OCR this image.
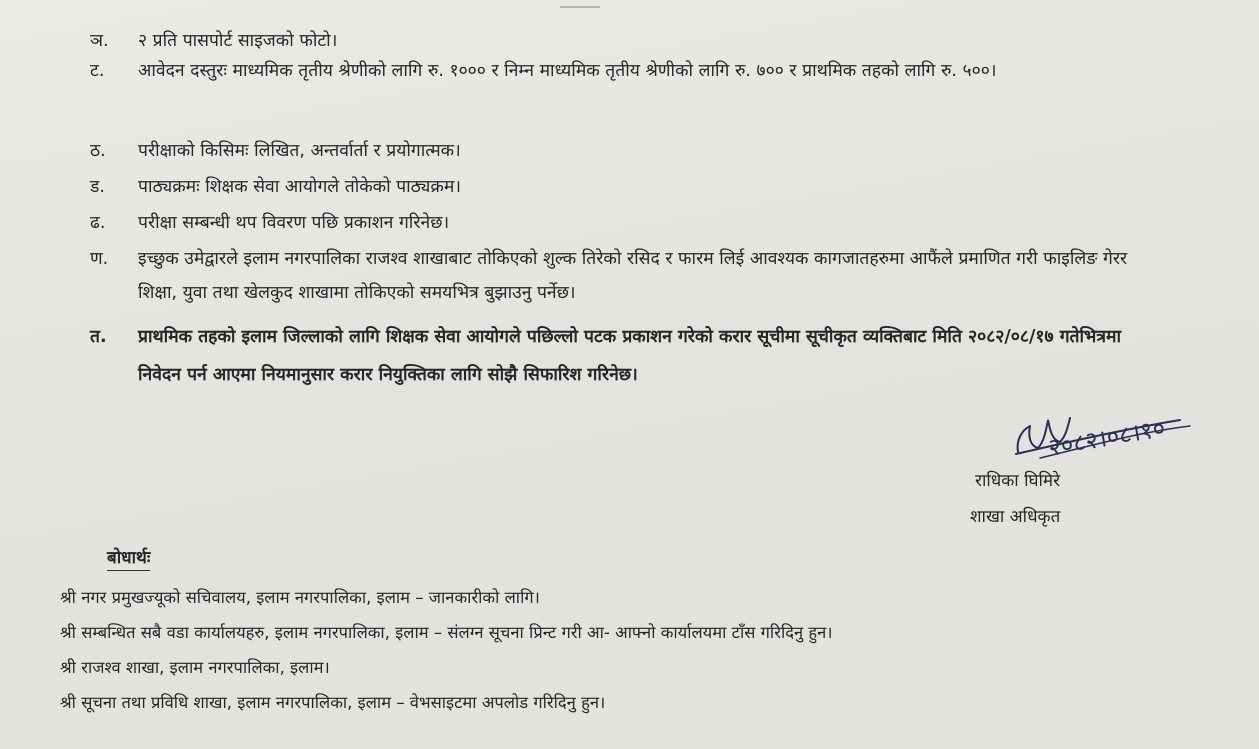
ञ.	२ प्रति पासपोर्ट साइजको फोटो।
ट.	आवेदन दस्तुरः माध्यमिक तृतीय श्रेणीको लागि रु. १००० र निम्न माध्यमिक तृतीय श्रेणीको लागि रु. ७०० र प्राथमिक तहको लागि रु. ५००।
ठ.	परीक्षाको किसिमः लिखित, अन्तर्वार्ता र प्रयोगात्मक।
ड.	पाठ्यक्रमः शिक्षक सेवा आयोगले तोकेको पाठ्यक्रम।
ढ.	परीक्षा सम्बन्धी थप विवरण पछि प्रकाशन गरिनेछ।
ण.	इच्छुक उमेद्वारले इलाम नगरपालिका राजश्व शाखाबाट तोकिएको शुल्क तिरेको रसिद र फारम लिई आवश्यक कागजातहरुमा आफैंले प्रमाणित गरी फाइलिङ गेरर शिक्षा, युवा तथा खेलकुद शाखामा तोकिएको समयभित्र बुझाउनु पर्नेछ।
त.	प्राथमिक तहको इलाम जिल्लाको लागि शिक्षक सेवा आयोगले पछिल्लो पटक प्रकाशन गरेको करार सूचीमा सूचीकृत व्यक्तिबाट मिति २०८२/०८/१७ गतेभित्रमा निवेदन पर्न आएमा नियमानुसार करार नियुक्तिका लागि सोझै सिफारिश गरिनेछ।
२०८२।०८।१०
राधिका घिमिरे
शाखा अधिकृत
बोधार्थः
श्री नगर प्रमुखज्यूको सचिवालय, इलाम नगरपालिका, इलाम – जानकारीको लागि।
श्री सम्बन्धित सबै वडा कार्यालयहरु, इलाम नगरपालिका, इलाम – संलग्न सूचना प्रिन्ट गरी आ- आफ्नो कार्यालयमा टाँस गरिदिनु हुन।
श्री राजश्व शाखा, इलाम नगरपालिका, इलाम।
श्री सूचना तथा प्रविधि शाखा, इलाम नगरपालिका, इलाम – वेभसाइटमा अपलोड गरिदिनु हुन।
